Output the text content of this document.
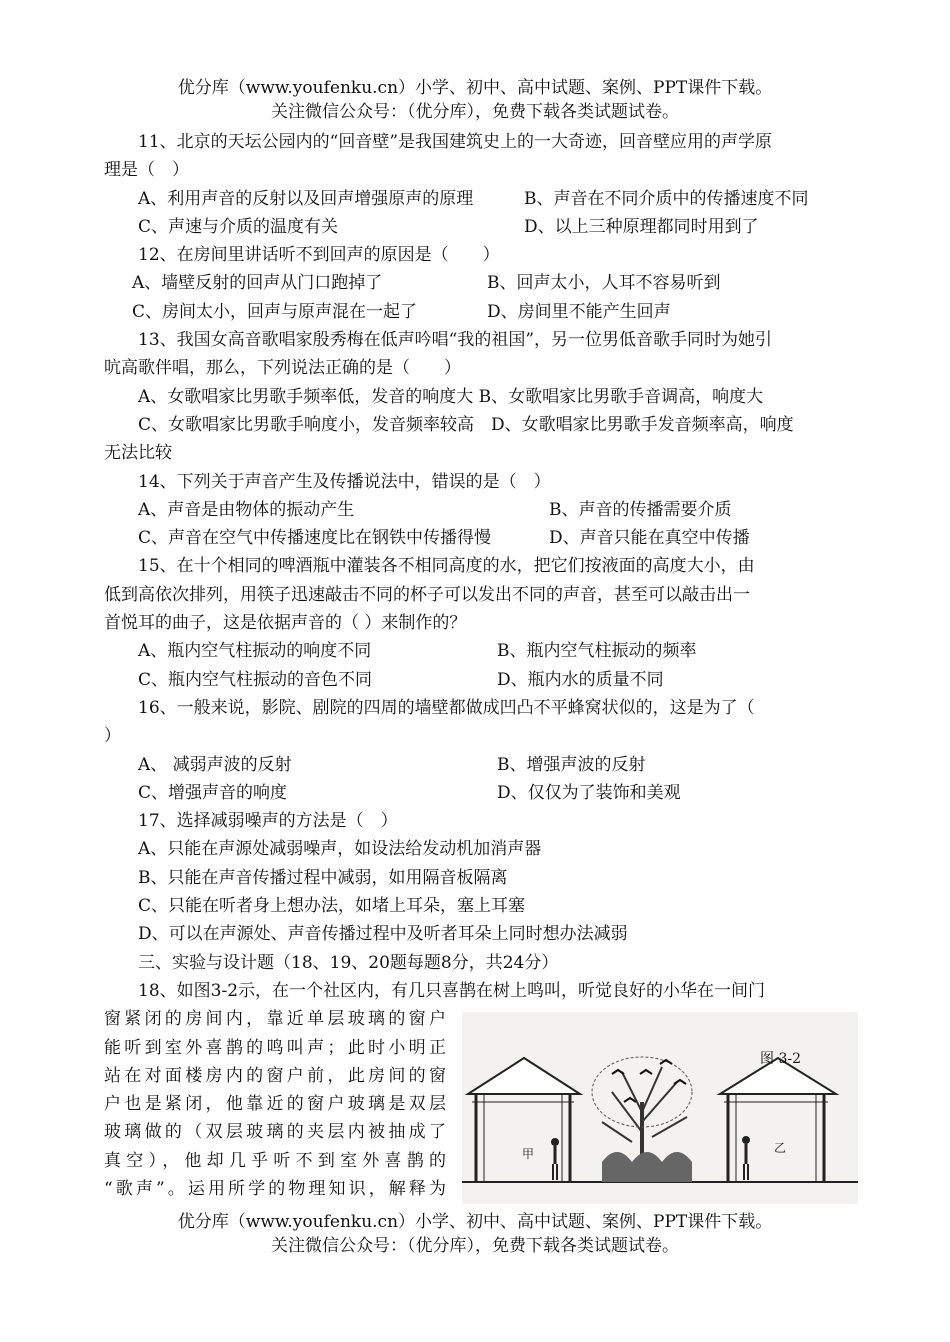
优分库（www.youfenku.cn）小学、初中、高中试题、案例、PPT课件下载。
关注微信公众号：（优分库），免费下载各类试题试卷。
11、北京的天坛公园内的“回音壁”是我国建筑史上的一大奇迹，回音壁应用的声学原
理是（　）
A、利用声音的反射以及回声增强原声的原理	B、声音在不同介质中的传播速度不同
C、声速与介质的温度有关	D、以上三种原理都同时用到了
12、在房间里讲话听不到回声的原因是（　　）
A、墙壁反射的回声从门口跑掉了	B、回声太小，人耳不容易听到
C、房间太小，回声与原声混在一起了	D、房间里不能产生回声
13、我国女高音歌唱家殷秀梅在低声吟唱“我的祖国”，另一位男低音歌手同时为她引
吭高歌伴唱，那么，下列说法正确的是（　　）
A、女歌唱家比男歌手频率低，发音的响度大 B、女歌唱家比男歌手音调高，响度大
C、女歌唱家比男歌手响度小，发音频率较高　D、女歌唱家比男歌手发音频率高，响度
无法比较
14、下列关于声音产生及传播说法中，错误的是（　）
A、声音是由物体的振动产生	B、声音的传播需要介质
C、声音在空气中传播速度比在钢铁中传播得慢	D、声音只能在真空中传播
15、在十个相同的啤酒瓶中灌装各不相同高度的水，把它们按液面的高度大小，由
低到高依次排列，用筷子迅速敲击不同的杯子可以发出不同的声音，甚至可以敲击出一
首悦耳的曲子，这是依据声音的（ ）来制作的？
A、瓶内空气柱振动的响度不同	B、瓶内空气柱振动的频率
C、瓶内空气柱振动的音色不同	D、瓶内水的质量不同
16、一般来说，影院、剧院的四周的墙壁都做成凹凸不平蜂窝状似的，这是为了（
）
A、 减弱声波的反射	B、增强声波的反射
C、增强声音的响度	D、仅仅为了装饰和美观
17、选择减弱噪声的方法是（　）
A、只能在声源处减弱噪声，如设法给发动机加消声器
B、只能在声音传播过程中减弱，如用隔音板隔离
C、只能在听者身上想办法，如堵上耳朵，塞上耳塞
D、可以在声源处、声音传播过程中及听者耳朵上同时想办法减弱
三、实验与设计题（18、19、20题每题8分，共24分）
18、如图3-2示，在一个社区内，有几只喜鹊在树上鸣叫，听觉良好的小华在一间门
窗紧闭的房间内，靠近单层玻璃的窗户
能听到室外喜鹊的鸣叫声；此时小明正
站在对面楼房内的窗户前，此房间的窗
户也是紧闭，他靠近的窗户玻璃是双层
玻璃做的（双层玻璃的夹层内被抽成了
真空），他却几乎听不到室外喜鹊的
“歌声”。运用所学的物理知识，解释为
图 3-2
甲	乙
优分库（www.youfenku.cn）小学、初中、高中试题、案例、PPT课件下载。
关注微信公众号：（优分库），免费下载各类试题试卷。
